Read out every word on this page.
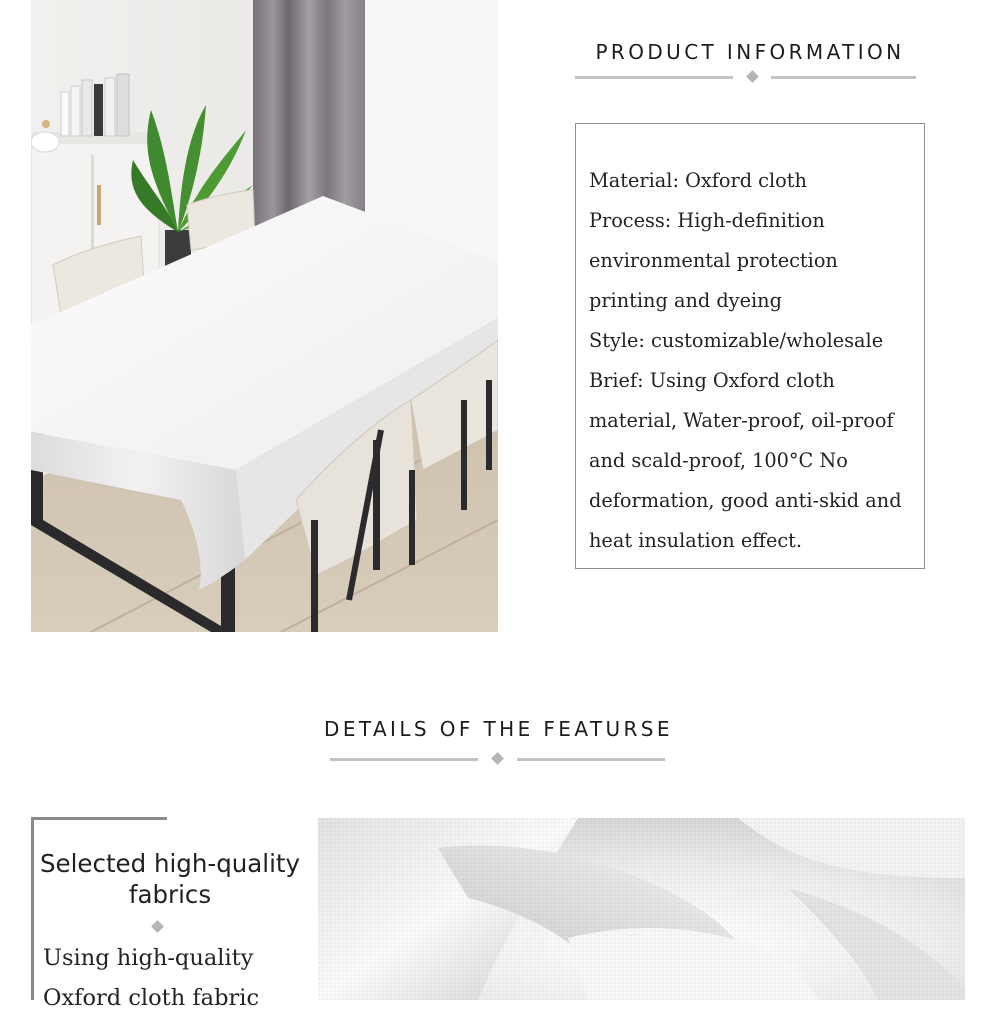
PRODUCT INFORMATION

Material: Oxford cloth

Process: High-definition environmental protection printing and dyeing

Style: customizable/wholesale

Brief: Using Oxford cloth material, Water-proof, oil-proof and scald-proof, 100°C No deformation, good anti-skid and heat insulation effect.

DETAILS OF THE FEATURSE
Selected high-quality fabrics
Using high-quality Oxford cloth fabric
